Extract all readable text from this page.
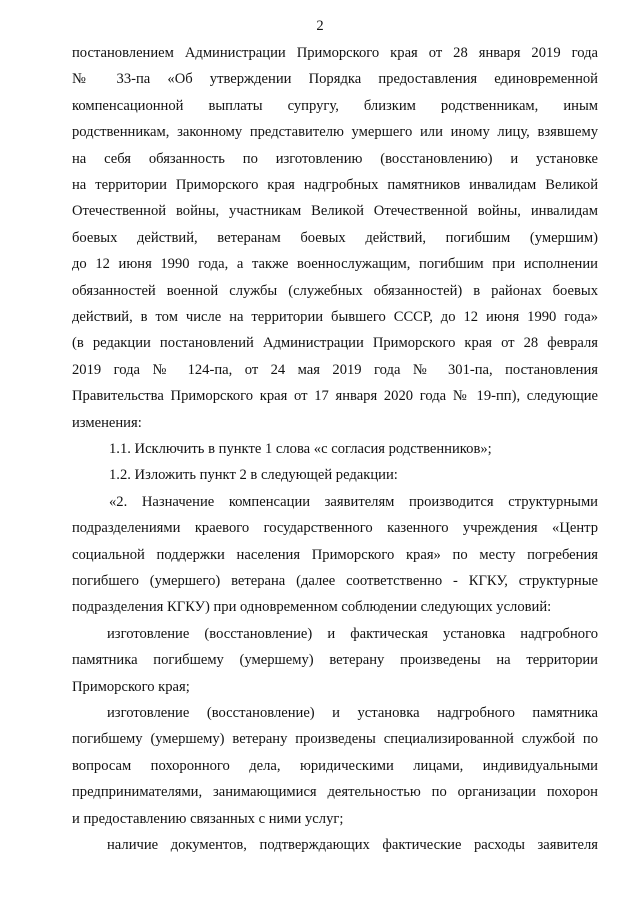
2
постановлением Администрации Приморского края от 28 января 2019 года
№ 33-па «Об утверждении Порядка предоставления единовременной
компенсационной выплаты супругу, близким родственникам, иным
родственникам, законному представителю умершего или иному лицу, взявшему
на себя обязанность по изготовлению (восстановлению) и установке
на территории Приморского края надгробных памятников инвалидам Великой
Отечественной войны, участникам Великой Отечественной войны, инвалидам
боевых действий, ветеранам боевых действий, погибшим (умершим)
до 12 июня 1990 года, а также военнослужащим, погибшим при исполнении
обязанностей военной службы (служебных обязанностей) в районах боевых
действий, в том числе на территории бывшего СССР, до 12 июня 1990 года»
(в редакции постановлений Администрации Приморского края от 28 февраля
2019 года № 124-па, от 24 мая 2019 года № 301-па, постановления
Правительства Приморского края от 17 января 2020 года № 19-пп), следующие
изменения:
1.1. Исключить в пункте 1 слова «с согласия родственников»;
1.2. Изложить пункт 2 в следующей редакции:
«2. Назначение компенсации заявителям производится структурными
подразделениями краевого государственного казенного учреждения «Центр
социальной поддержки населения Приморского края» по месту погребения
погибшего (умершего) ветерана (далее соответственно - КГКУ, структурные
подразделения КГКУ) при одновременном соблюдении следующих условий:
изготовление (восстановление) и фактическая установка надгробного
памятника погибшему (умершему) ветерану произведены на территории
Приморского края;
изготовление (восстановление) и установка надгробного памятника
погибшему (умершему) ветерану произведены специализированной службой по
вопросам похоронного дела, юридическими лицами, индивидуальными
предпринимателями, занимающимися деятельностью по организации похорон
и предоставлению связанных с ними услуг;
наличие документов, подтверждающих фактические расходы заявителя
